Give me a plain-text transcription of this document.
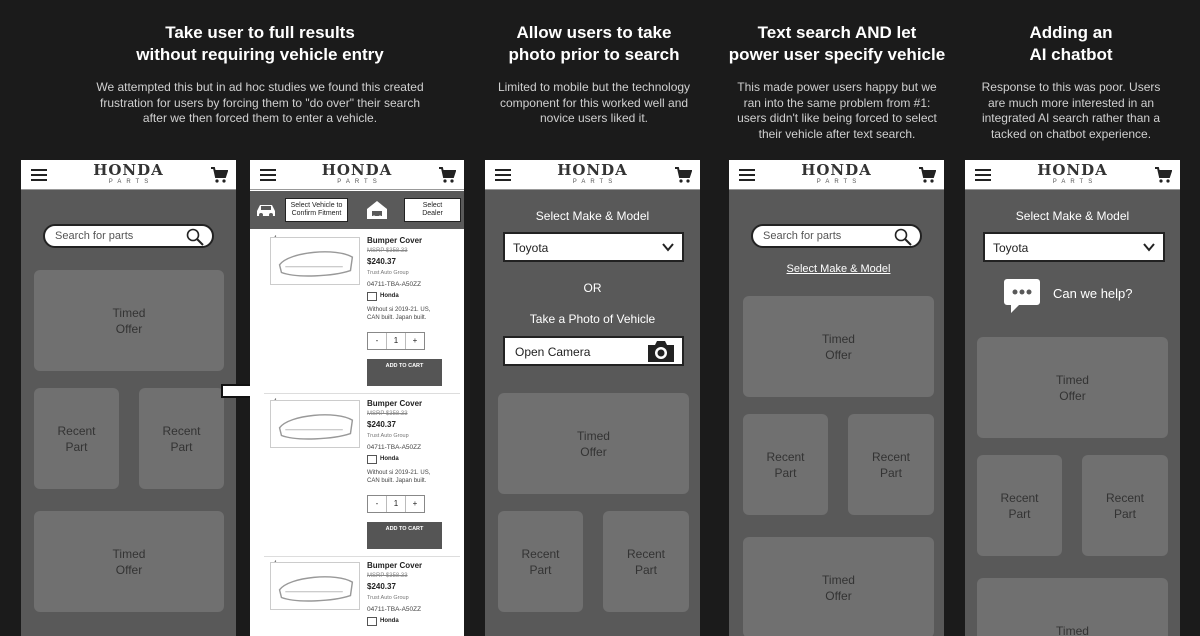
Take user to full results
without requiring vehicle entry
We attempted this but in ad hoc studies we found this created
frustration for users by forcing them to "do over" their search
after we then forced them to enter a vehicle.
Allow users to take
photo prior to search
Limited to mobile but the technology
component for this worked well and
novice users liked it.
Text search AND let
power user specify vehicle
This made power users happy but we
ran into the same problem from #1:
users didn't like being forced to select
their vehicle after text search.
Adding an
AI chatbot
Response to this was poor. Users
are much more interested in an
integrated AI search rather than a
tacked on chatbot experience.
HONDA
PARTS
Search for parts
Timed
Offer
Recent
Part
Recent
Part
Timed
Offer
HONDA
PARTS
Select Vehicle to
Confirm Fitment
Select
Dealer
1	Bumper Cover
MSRP $358.33
$240.37
Trust Auto Group
04711-TBA-A50ZZ
Honda
Without si 2019-21. US,
CAN built. Japan built.
-	1	+
ADD TO CART
1	Bumper Cover
MSRP $358.33
$240.37
Trust Auto Group
04711-TBA-A50ZZ
Honda
Without si 2019-21. US,
CAN built. Japan built.
-	1	+
ADD TO CART
1	Bumper Cover
MSRP $358.33
$240.37
Trust Auto Group
04711-TBA-A50ZZ
Honda
HONDA
PARTS
Select Make & Model
Toyota
OR
Take a Photo of Vehicle
Open Camera
Timed
Offer
Recent
Part
Recent
Part
HONDA
PARTS
Search for parts
Select Make & Model
Timed
Offer
Recent
Part
Recent
Part
Timed
Offer
HONDA
PARTS
Select Make & Model
Toyota
Can we help?
Timed
Offer
Recent
Part
Recent
Part
Timed
